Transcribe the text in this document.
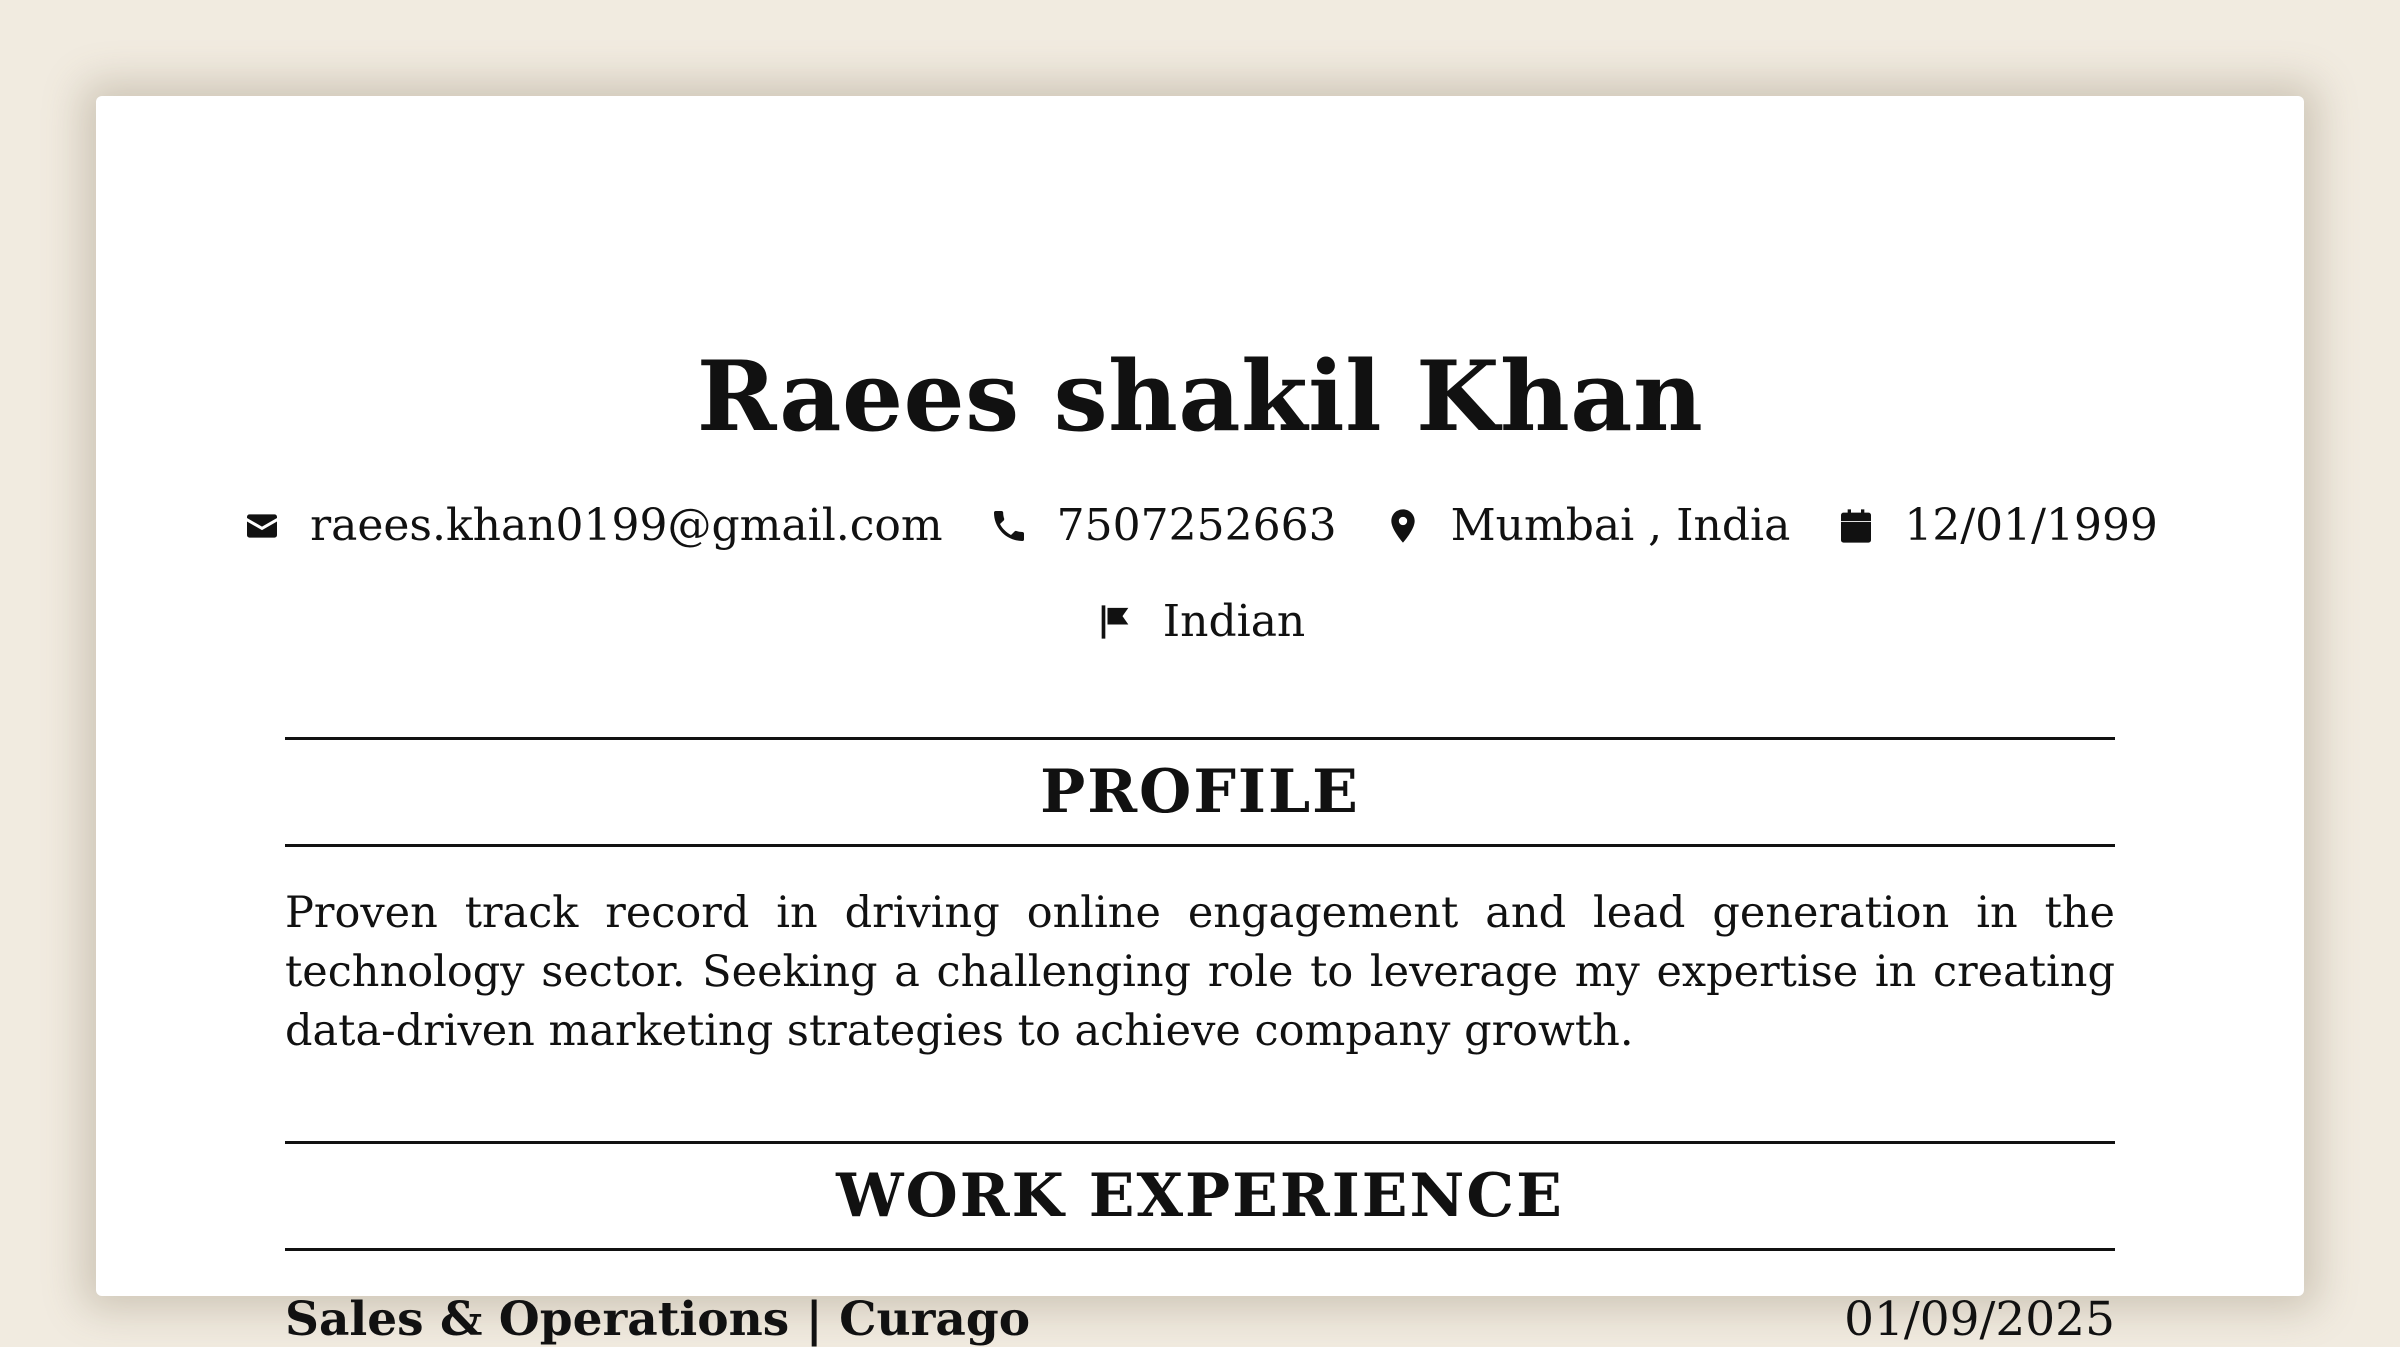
Raees shakil Khan
raees.khan0199@gmail.com	7507252663	Mumbai , India	12/01/1999
Indian
PROFILE

Proven track record in driving online engagement and lead generation in the technology sector. Seeking a challenging role to leverage my expertise in creating data-driven marketing strategies to achieve company growth.

WORK EXPERIENCE
Sales & Operations | Curago	01/09/2025
